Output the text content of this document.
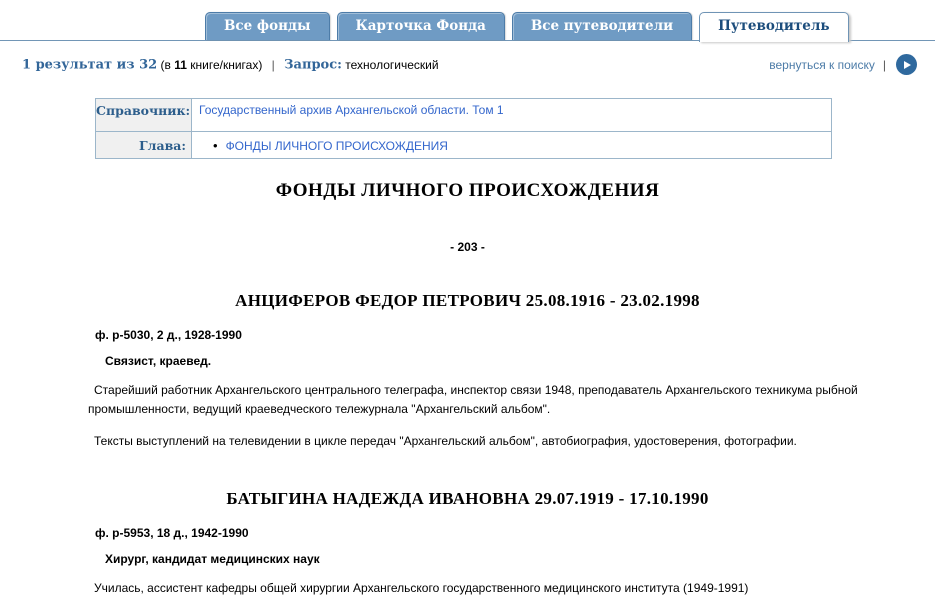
Все фонды	Карточка Фонда	Все путеводители	Путеводитель
1 результат из 32 (в 11 книге/книгах) | Запрос: технологический	вернуться к поиску |
Справочник:	Государственный архив Архангельской области. Том 1
Глава:	• ФОНДЫ ЛИЧНОГО ПРОИСХОЖДЕНИЯ
ФОНДЫ ЛИЧНОГО ПРОИСХОЖДЕНИЯ
- 203 -
АНЦИФЕРОВ ФЕДОР ПЕТРОВИЧ 25.08.1916 - 23.02.1998
ф. р-5030, 2 д., 1928-1990
Связист, краевед.

Старейший работник Архангельского центрального телеграфа, инспектор связи 1948, преподаватель Архангельского техникума рыбной промышленности, ведущий краеведческого тележурнала "Архангельский альбом".

Тексты выступлений на телевидении в цикле передач "Архангельский альбом", автобиография, удостоверения, фотографии.

БАТЫГИНА НАДЕЖДА ИВАНОВНА 29.07.1919 - 17.10.1990
ф. р-5953, 18 д., 1942-1990
Хирург, кандидат медицинских наук

Училась, ассистент кафедры общей хирургии Архангельского государственного медицинского института (1949-1991)
